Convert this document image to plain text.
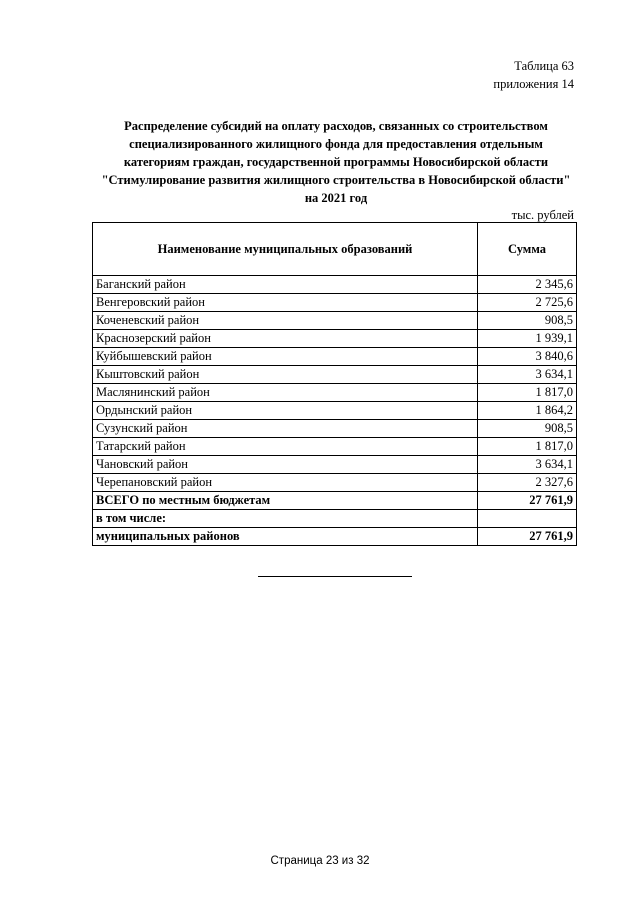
Таблица 63
приложения 14
Распределение субсидий на оплату расходов, связанных со строительством специализированного жилищного фонда для предоставления отдельным категориям граждан, государственной программы Новосибирской области "Стимулирование развития жилищного строительства в Новосибирской области" на 2021 год
тыс. рублей
Наименование муниципальных образований	Сумма
Баганский район	2 345,6
Венгеровский район	2 725,6
Коченевский район	908,5
Краснозерский район	1 939,1
Куйбышевский район	3 840,6
Кыштовский район	3 634,1
Маслянинский район	1 817,0
Ордынский район	1 864,2
Сузунский район	908,5
Татарский район	1 817,0
Чановский район	3 634,1
Черепановский район	2 327,6
ВСЕГО по местным бюджетам	27 761,9
в том числе:	
муниципальных районов	27 761,9
Страница 23 из 32
